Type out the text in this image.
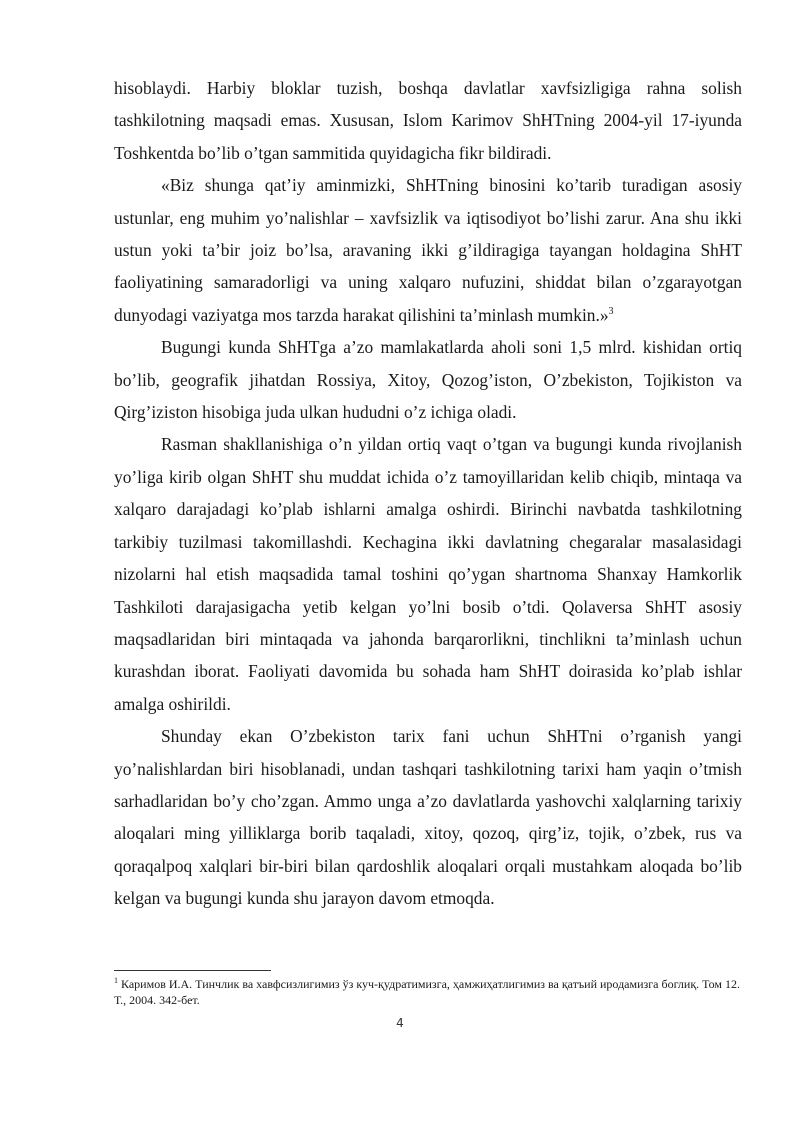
hisoblaydi. Harbiy bloklar tuzish, boshqa davlatlar xavfsizligiga rahna solish tashkilotning maqsadi emas. Xususan, Islom Karimov ShHTning 2004-yil 17-iyunda Toshkentda bo’lib o’tgan sammitida quyidagicha fikr bildiradi.

«Biz shunga qat’iy aminmizki, ShHTning binosini ko’tarib turadigan asosiy ustunlar, eng muhim yo’nalishlar – xavfsizlik va iqtisodiyot bo’lishi zarur. Ana shu ikki ustun yoki ta’bir joiz bo’lsa, aravaning ikki g’ildiragiga tayangan holdagina ShHT faoliyatining samaradorligi va uning xalqaro nufuzini, shiddat bilan o’zgarayotgan dunyodagi vaziyatga mos tarzda harakat qilishini ta’minlash mumkin.»$^3$

Bugungi kunda ShHTga a’zo mamlakatlarda aholi soni 1,5 mlrd. kishidan ortiq bo’lib, geografik jihatdan Rossiya, Xitoy, Qozog’iston, O’zbekiston, Tojikiston va Qirg’iziston hisobiga juda ulkan hududni o’z ichiga oladi.

Rasman shakllanishiga o’n yildan ortiq vaqt o’tgan va bugungi kunda rivojlanish yo’liga kirib olgan ShHT shu muddat ichida o’z tamoyillaridan kelib chiqib, mintaqa va xalqaro darajadagi ko’plab ishlarni amalga oshirdi. Birinchi navbatda tashkilotning tarkibiy tuzilmasi takomillashdi. Kechagina ikki davlatning chegaralar masalasidagi nizolarni hal etish maqsadida tamal toshini qo’ygan shartnoma Shanxay Hamkorlik Tashkiloti darajasigacha yetib kelgan yo’lni bosib o’tdi. Qolaversa ShHT asosiy maqsadlaridan biri mintaqada va jahonda barqarorlikni, tinchlikni ta’minlash uchun kurashdan iborat. Faoliyati davomida bu sohada ham ShHT doirasida ko’plab ishlar amalga oshirildi.

Shunday ekan O’zbekiston tarix fani uchun ShHTni o’rganish yangi yo’nalishlardan biri hisoblanadi, undan tashqari tashkilotning tarixi ham yaqin o’tmish sarhadlaridan bo’y cho’zgan. Ammo unga a’zo davlatlarda yashovchi xalqlarning tarixiy aloqalari ming yilliklarga borib taqaladi, xitoy, qozoq, qirg’iz, tojik, o’zbek, rus va qoraqalpoq xalqlari bir-biri bilan qardoshlik aloqalari orqali mustahkam aloqada bo’lib kelgan va bugungi kunda shu jarayon davom etmoqda.

$^1$ Каримов И.А. Тинчлик ва хавфсизлигимиз ўз куч-қудратимизга, ҳамжиҳатлигимиз ва қатъий иродамизга боглиқ. Том 12. Т., 2004. 342-бет.
4
